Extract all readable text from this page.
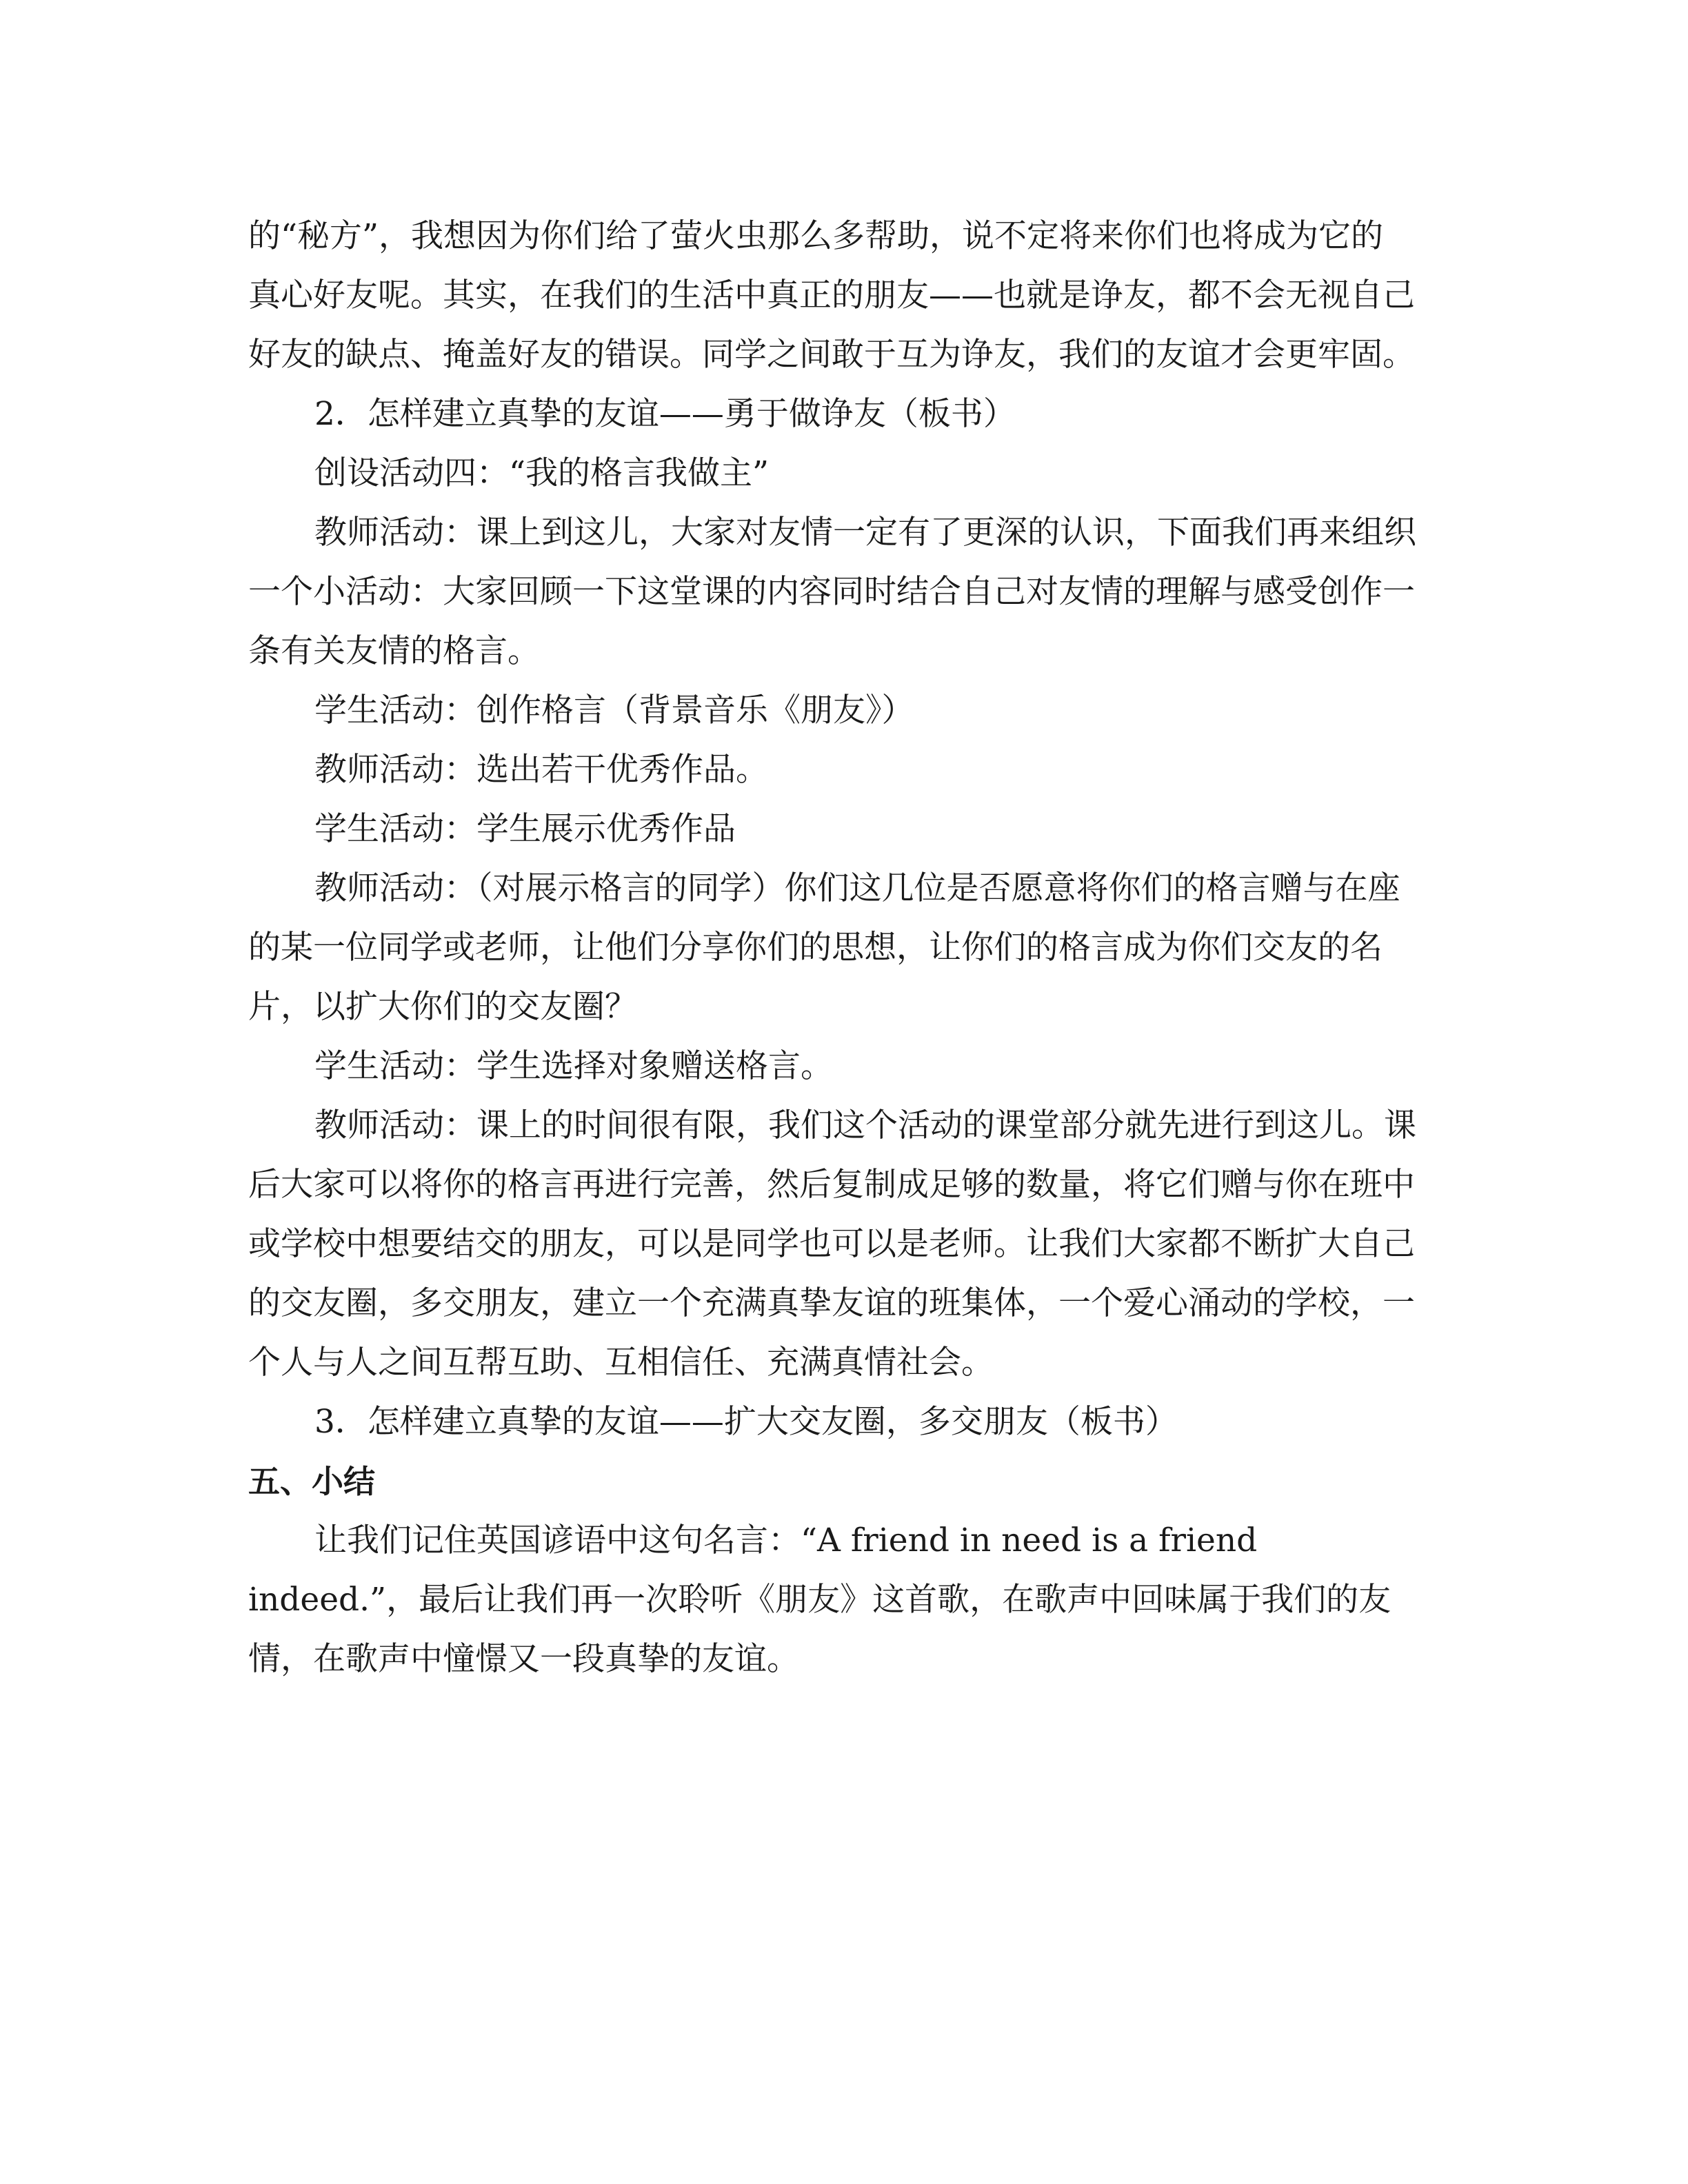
的“秘方”，我想因为你们给了萤火虫那么多帮助，说不定将来你们也将成为它的
真心好友呢。其实，在我们的生活中真正的朋友——也就是诤友，都不会无视自己
好友的缺点、掩盖好友的错误。同学之间敢于互为诤友，我们的友谊才会更牢固。
2．怎样建立真挚的友谊——勇于做诤友（板书）
创设活动四：“我的格言我做主”
教师活动：课上到这儿，大家对友情一定有了更深的认识，下面我们再来组织
一个小活动：大家回顾一下这堂课的内容同时结合自己对友情的理解与感受创作一
条有关友情的格言。
学生活动：创作格言（背景音乐《朋友》）
教师活动：选出若干优秀作品。
学生活动：学生展示优秀作品
教师活动：（对展示格言的同学）你们这几位是否愿意将你们的格言赠与在座
的某一位同学或老师，让他们分享你们的思想，让你们的格言成为你们交友的名
片，以扩大你们的交友圈？
学生活动：学生选择对象赠送格言。
教师活动：课上的时间很有限，我们这个活动的课堂部分就先进行到这儿。课
后大家可以将你的格言再进行完善，然后复制成足够的数量，将它们赠与你在班中
或学校中想要结交的朋友，可以是同学也可以是老师。让我们大家都不断扩大自己
的交友圈，多交朋友，建立一个充满真挚友谊的班集体，一个爱心涌动的学校，一
个人与人之间互帮互助、互相信任、充满真情社会。
3．怎样建立真挚的友谊——扩大交友圈，多交朋友（板书）
五、小结
让我们记住英国谚语中这句名言：“A friend in need is a friend
indeed.”，最后让我们再一次聆听《朋友》这首歌，在歌声中回味属于我们的友
情，在歌声中憧憬又一段真挚的友谊。
